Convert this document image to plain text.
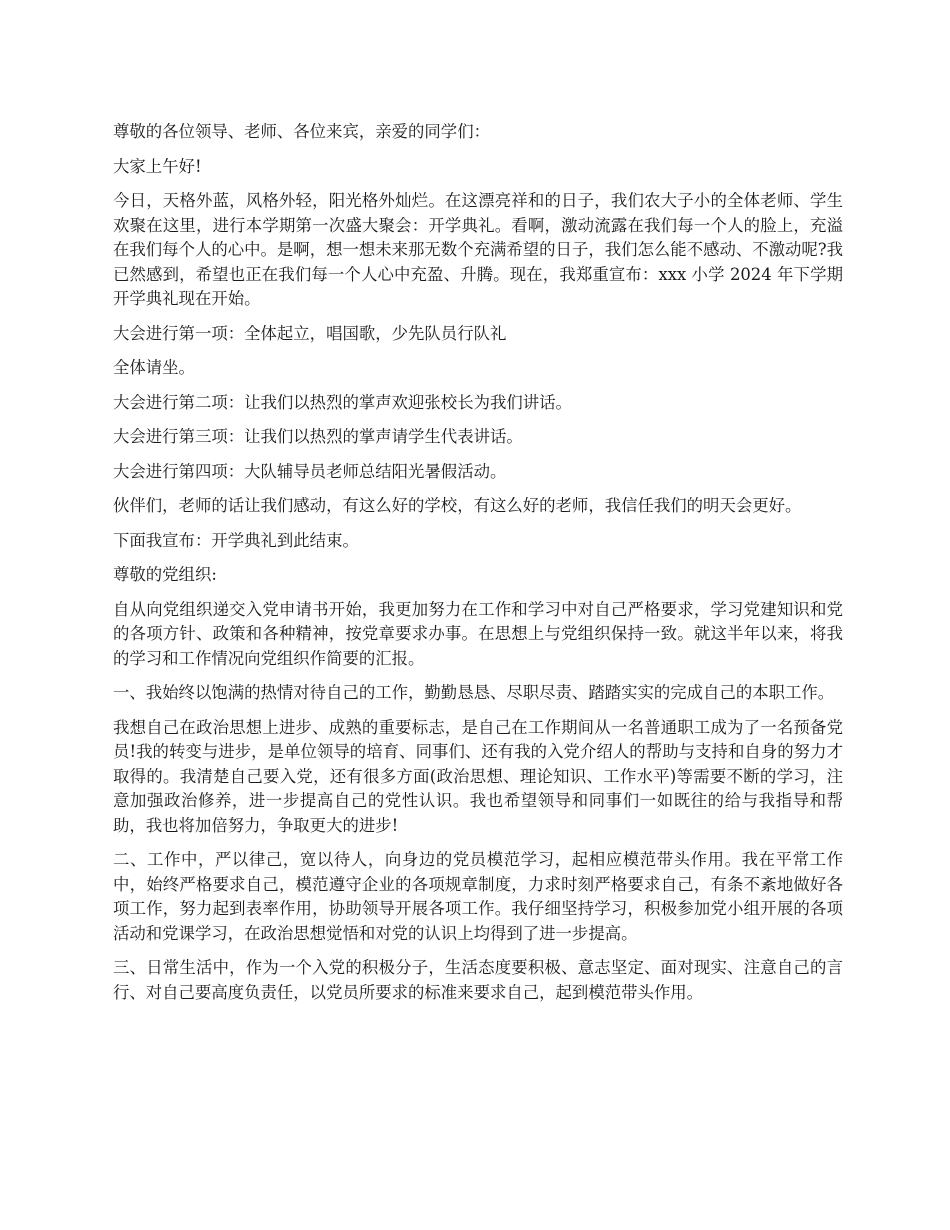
尊敬的各位领导、老师、各位来宾，亲爱的同学们：

大家上午好!

今日，天格外蓝，风格外轻，阳光格外灿烂。在这漂亮祥和的日子，我们农大子小的全体老师、学生欢聚在这里，进行本学期第一次盛大聚会：开学典礼。看啊，激动流露在我们每一个人的脸上，充溢在我们每个人的心中。是啊，想一想未来那无数个充满希望的日子，我们怎么能不感动、不激动呢?我已然感到，希望也正在我们每一个人心中充盈、升腾。现在，我郑重宣布：xxx 小学 2024 年下学期开学典礼现在开始。

大会进行第一项：全体起立，唱国歌，少先队员行队礼

全体请坐。

大会进行第二项：让我们以热烈的掌声欢迎张校长为我们讲话。

大会进行第三项：让我们以热烈的掌声请学生代表讲话。

大会进行第四项：大队辅导员老师总结阳光暑假活动。

伙伴们，老师的话让我们感动，有这么好的学校，有这么好的老师，我信任我们的明天会更好。

下面我宣布：开学典礼到此结束。

尊敬的党组织:

自从向党组织递交入党申请书开始，我更加努力在工作和学习中对自己严格要求，学习党建知识和党的各项方针、政策和各种精神，按党章要求办事。在思想上与党组织保持一致。就这半年以来，将我的学习和工作情况向党组织作简要的汇报。

一、我始终以饱满的热情对待自己的工作，勤勤恳恳、尽职尽责、踏踏实实的完成自己的本职工作。

我想自己在政治思想上进步、成熟的重要标志，是自己在工作期间从一名普通职工成为了一名预备党员!我的转变与进步，是单位领导的培育、同事们、还有我的入党介绍人的帮助与支持和自身的努力才取得的。我清楚自己要入党，还有很多方面(政治思想、理论知识、工作水平)等需要不断的学习，注意加强政治修养，进一步提高自己的党性认识。我也希望领导和同事们一如既往的给与我指导和帮助，我也将加倍努力，争取更大的进步!

二、工作中，严以律己，宽以待人，向身边的党员模范学习，起相应模范带头作用。我在平常工作中，始终严格要求自己，模范遵守企业的各项规章制度，力求时刻严格要求自己，有条不紊地做好各项工作，努力起到表率作用，协助领导开展各项工作。我仔细坚持学习，积极参加党小组开展的各项活动和党课学习，在政治思想觉悟和对党的认识上均得到了进一步提高。

三、日常生活中，作为一个入党的积极分子，生活态度要积极、意志坚定、面对现实、注意自己的言行、对自己要高度负责任，以党员所要求的标准来要求自己，起到模范带头作用。
